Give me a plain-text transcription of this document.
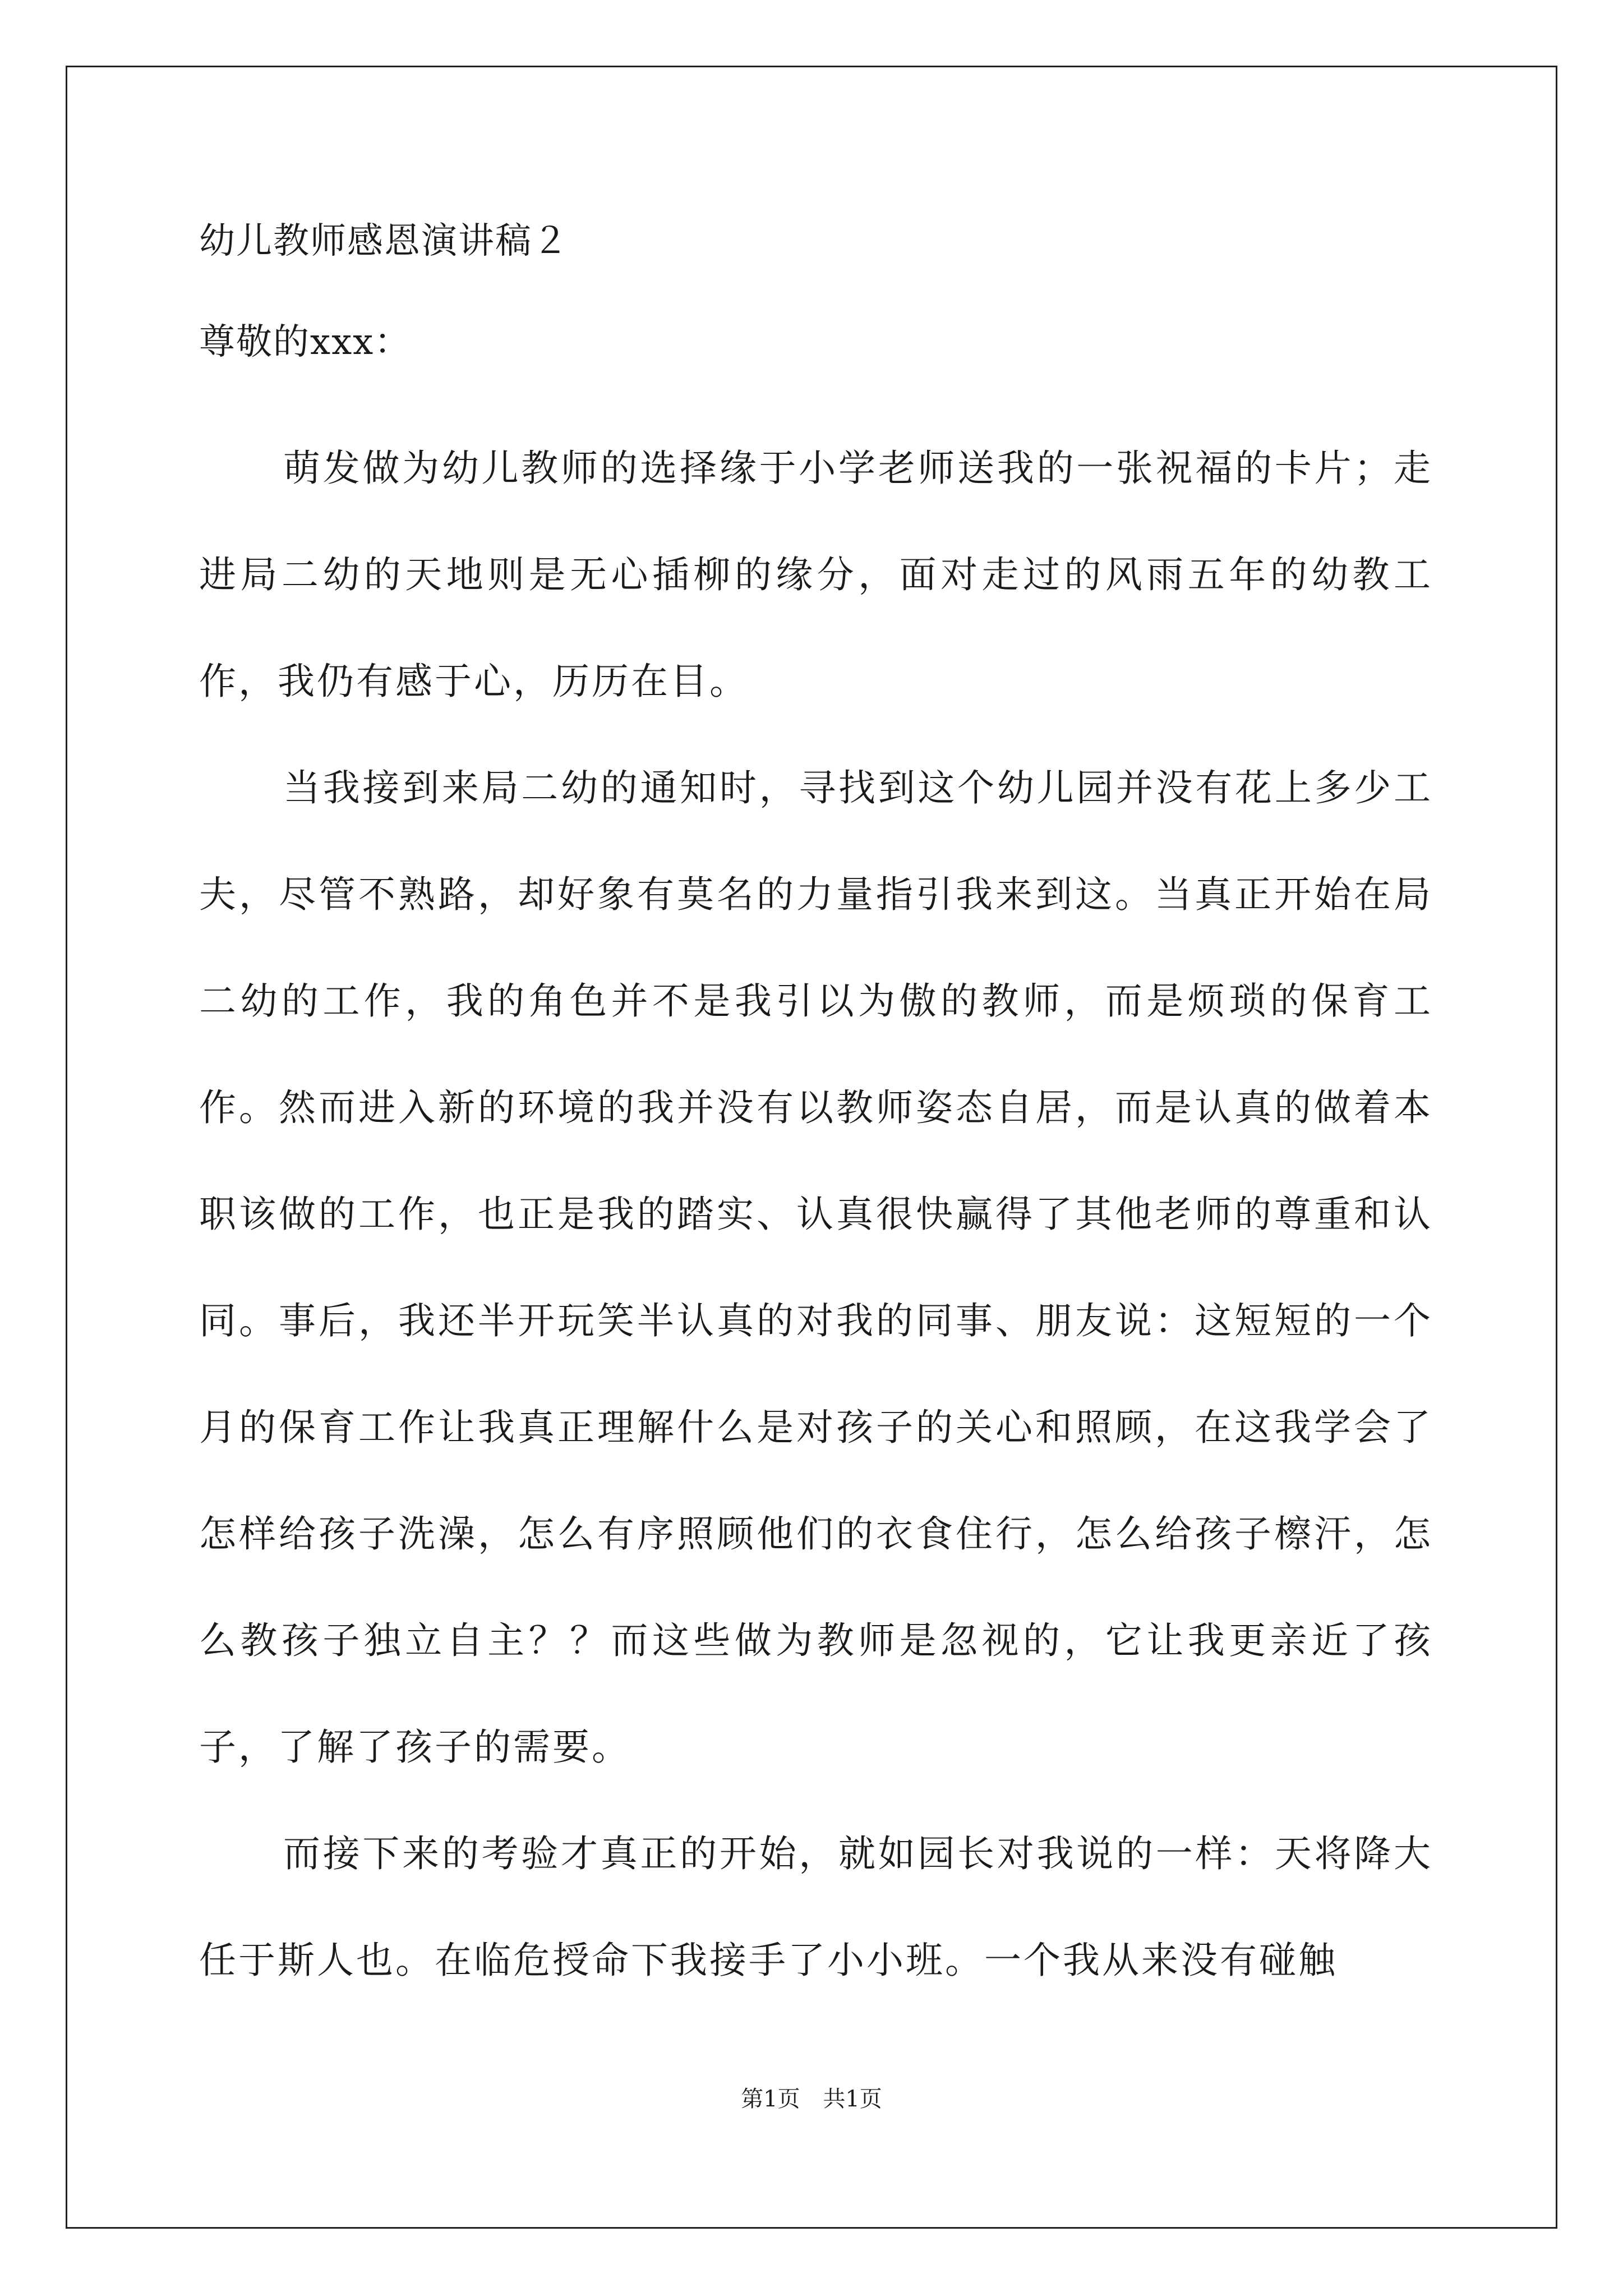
幼儿教师感恩演讲稿２
尊敬的xxx：

萌发做为幼儿教师的选择缘于小学老师送我的一张祝福的卡片；走进局二幼的天地则是无心插柳的缘分，面对走过的风雨五年的幼教工作，我仍有感于心，历历在目。

当我接到来局二幼的通知时，寻找到这个幼儿园并没有花上多少工夫，尽管不熟路，却好象有莫名的力量指引我来到这。当真正开始在局二幼的工作，我的角色并不是我引以为傲的教师，而是烦琐的保育工作。然而进入新的环境的我并没有以教师姿态自居，而是认真的做着本职该做的工作，也正是我的踏实、认真很快赢得了其他老师的尊重和认同。事后，我还半开玩笑半认真的对我的同事、朋友说：这短短的一个月的保育工作让我真正理解什么是对孩子的关心和照顾，在这我学会了怎样给孩子洗澡，怎么有序照顾他们的衣食住行，怎么给孩子檫汗，怎么教孩子独立自主？？而这些做为教师是忽视的，它让我更亲近了孩子，了解了孩子的需要。

而接下来的考验才真正的开始，就如园长对我说的一样：天将降大任于斯人也。在临危授命下我接手了小小班。一个我从来没有碰触

第1页 共1页
